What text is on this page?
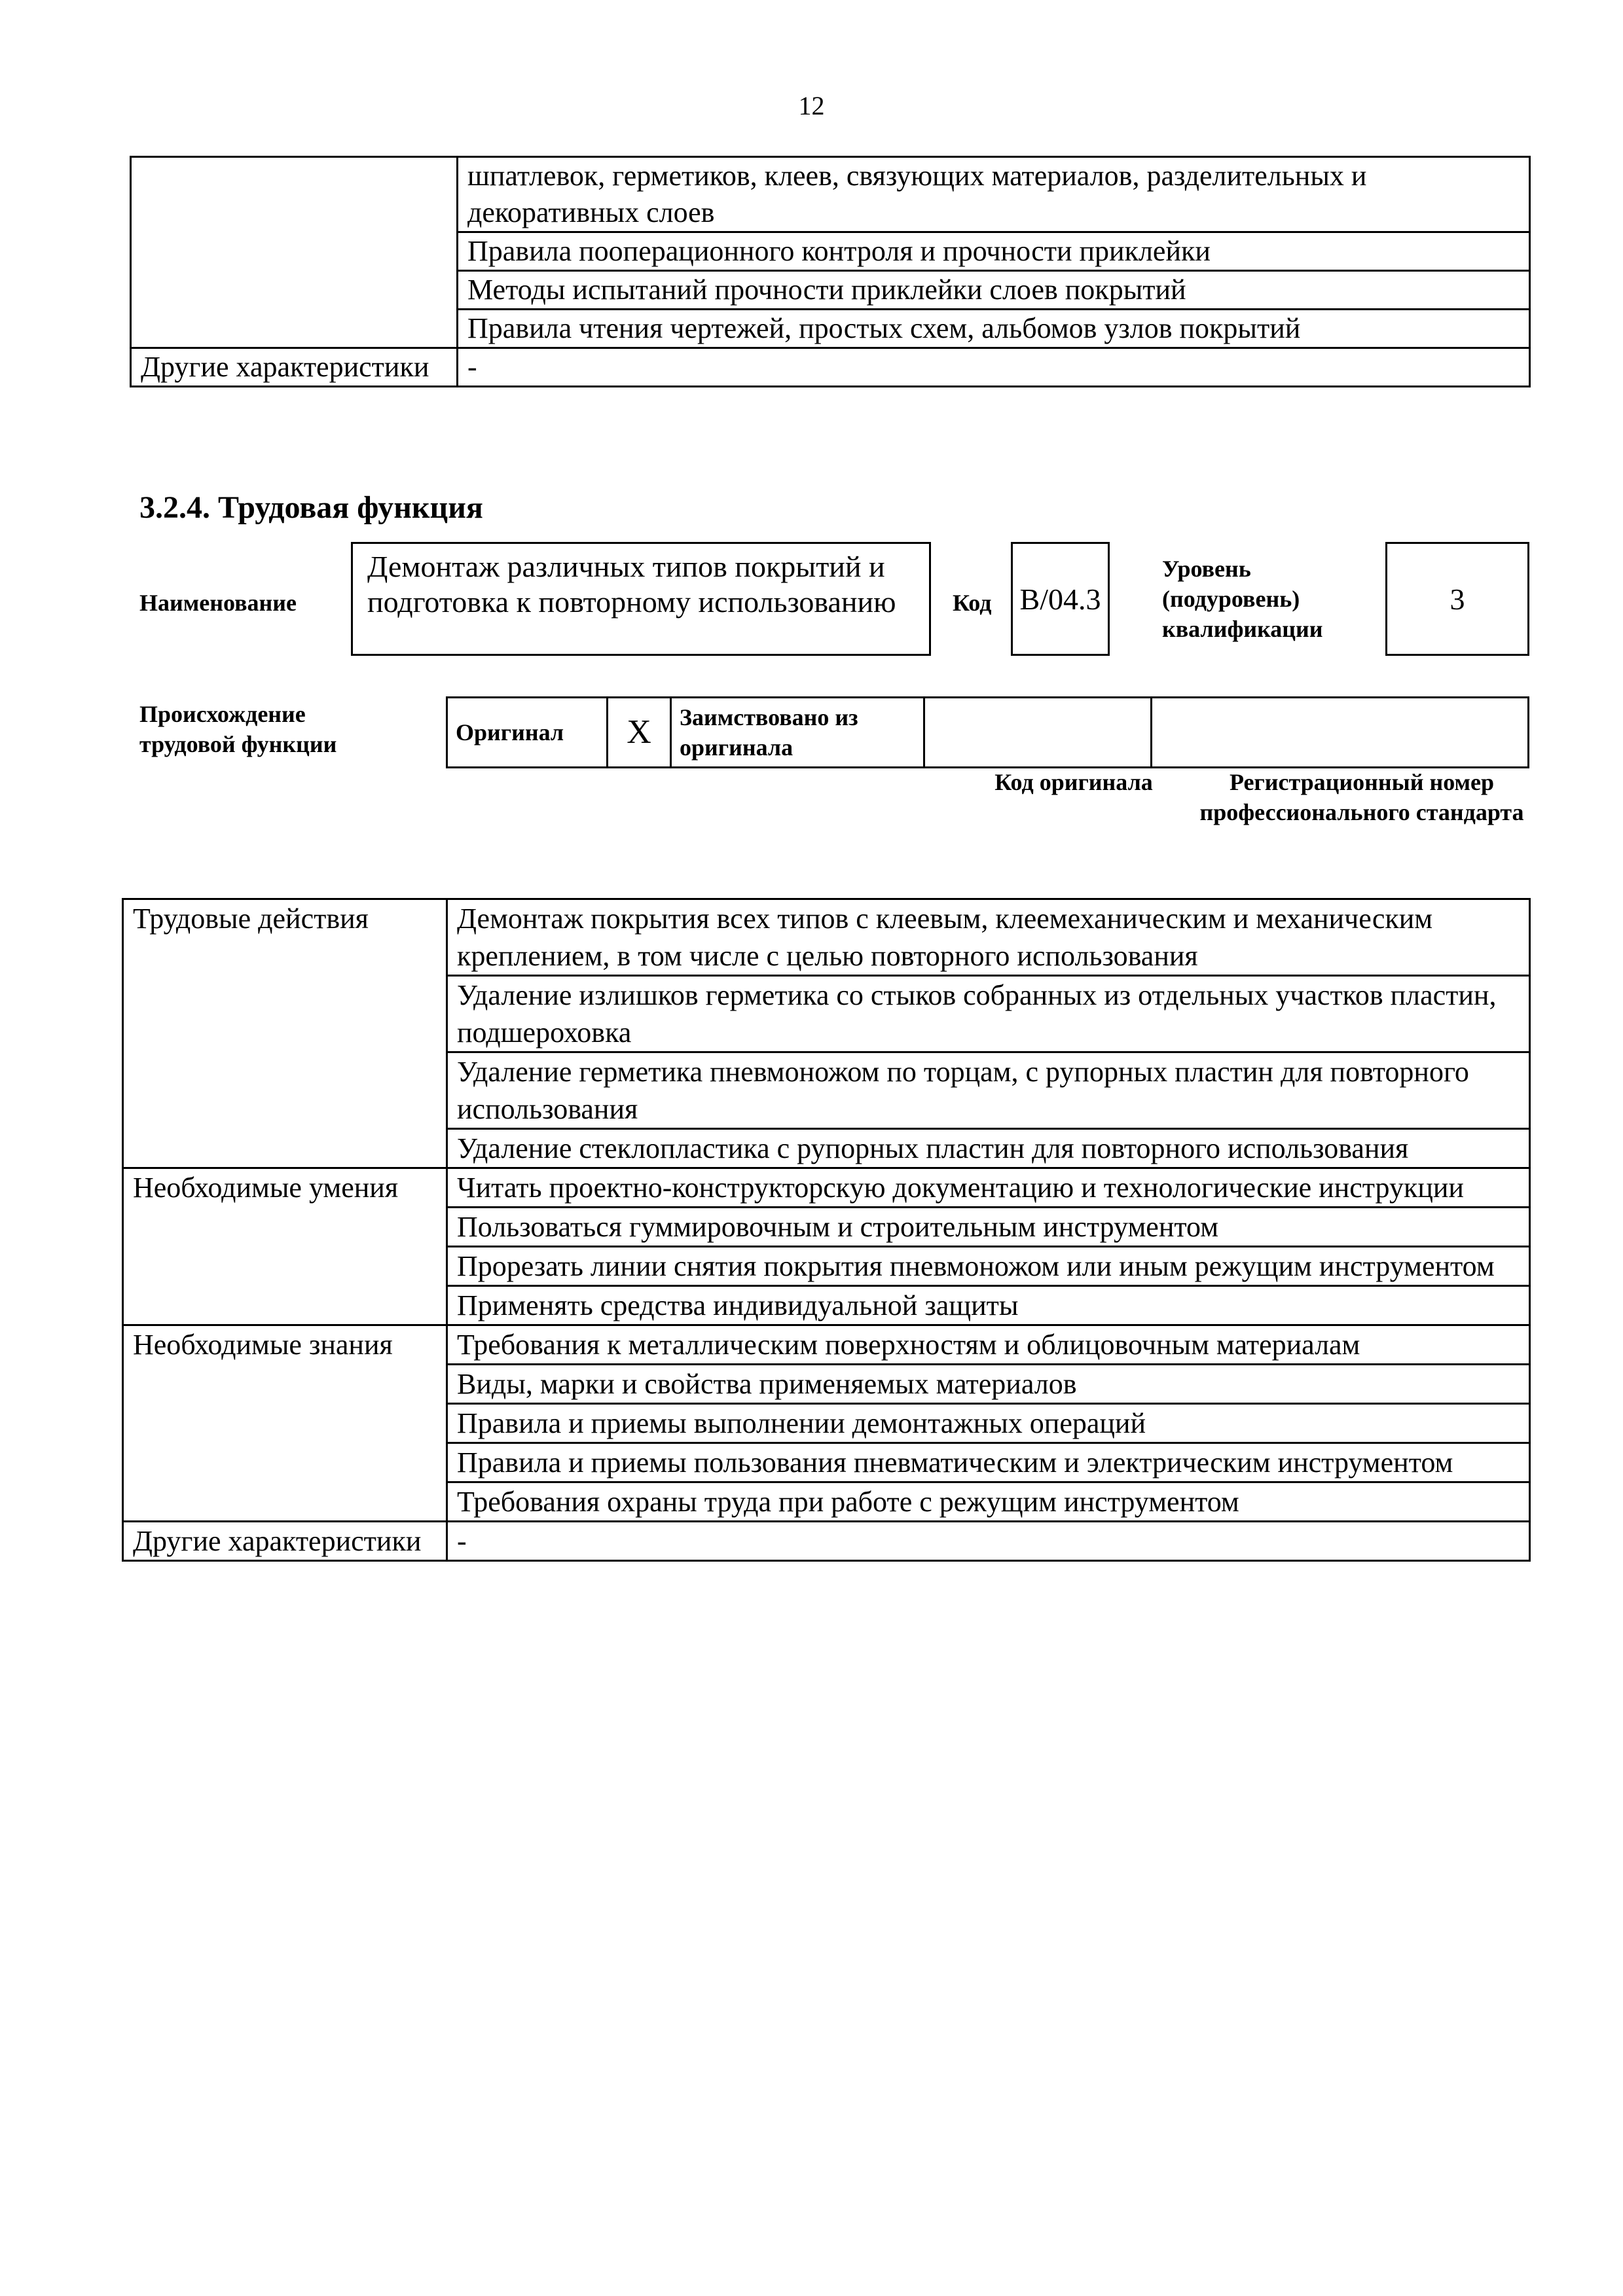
12
	шпатлевок, герметиков, клеев, связующих материалов, разделительных и декоративных слоев
	Правила пооперационного контроля и прочности приклейки
	Методы испытаний прочности приклейки слоев покрытий
	Правила чтения чертежей, простых схем, альбомов узлов покрытий
Другие характеристики	-
3.2.4. Трудовая функция
Наименование
Демонтаж различных типов покрытий и подготовка к повторному использованию	Код B/04.3
Уровень (подуровень) квалификации
3
Происхождение трудовой функции	Оригинал	X	Заимствовано из оригинала		
Код оригинала	Регистрационный номер профессионального стандарта
Трудовые действия	Демонтаж покрытия всех типов с клеевым, клеемеханическим и механическим креплением, в том числе с целью повторного использования
	Удаление излишков герметика со стыков собранных из отдельных участков пластин, подшероховка
	Удаление герметика пневмоножом по торцам, с рупорных пластин для повторного использования
	Удаление стеклопластика с рупорных пластин для повторного использования
Необходимые умения	Читать проектно-конструкторскую документацию и технологические инструкции
	Пользоваться гуммировочным и строительным инструментом
	Прорезать линии снятия покрытия пневмоножом или иным режущим инструментом
	Применять средства индивидуальной защиты
Необходимые знания	Требования к металлическим поверхностям и облицовочным материалам
	Виды, марки и свойства применяемых материалов
	Правила и приемы выполнении демонтажных операций
	Правила и приемы пользования пневматическим и электрическим инструментом
	Требования охраны труда при работе с режущим инструментом
Другие характеристики	-
